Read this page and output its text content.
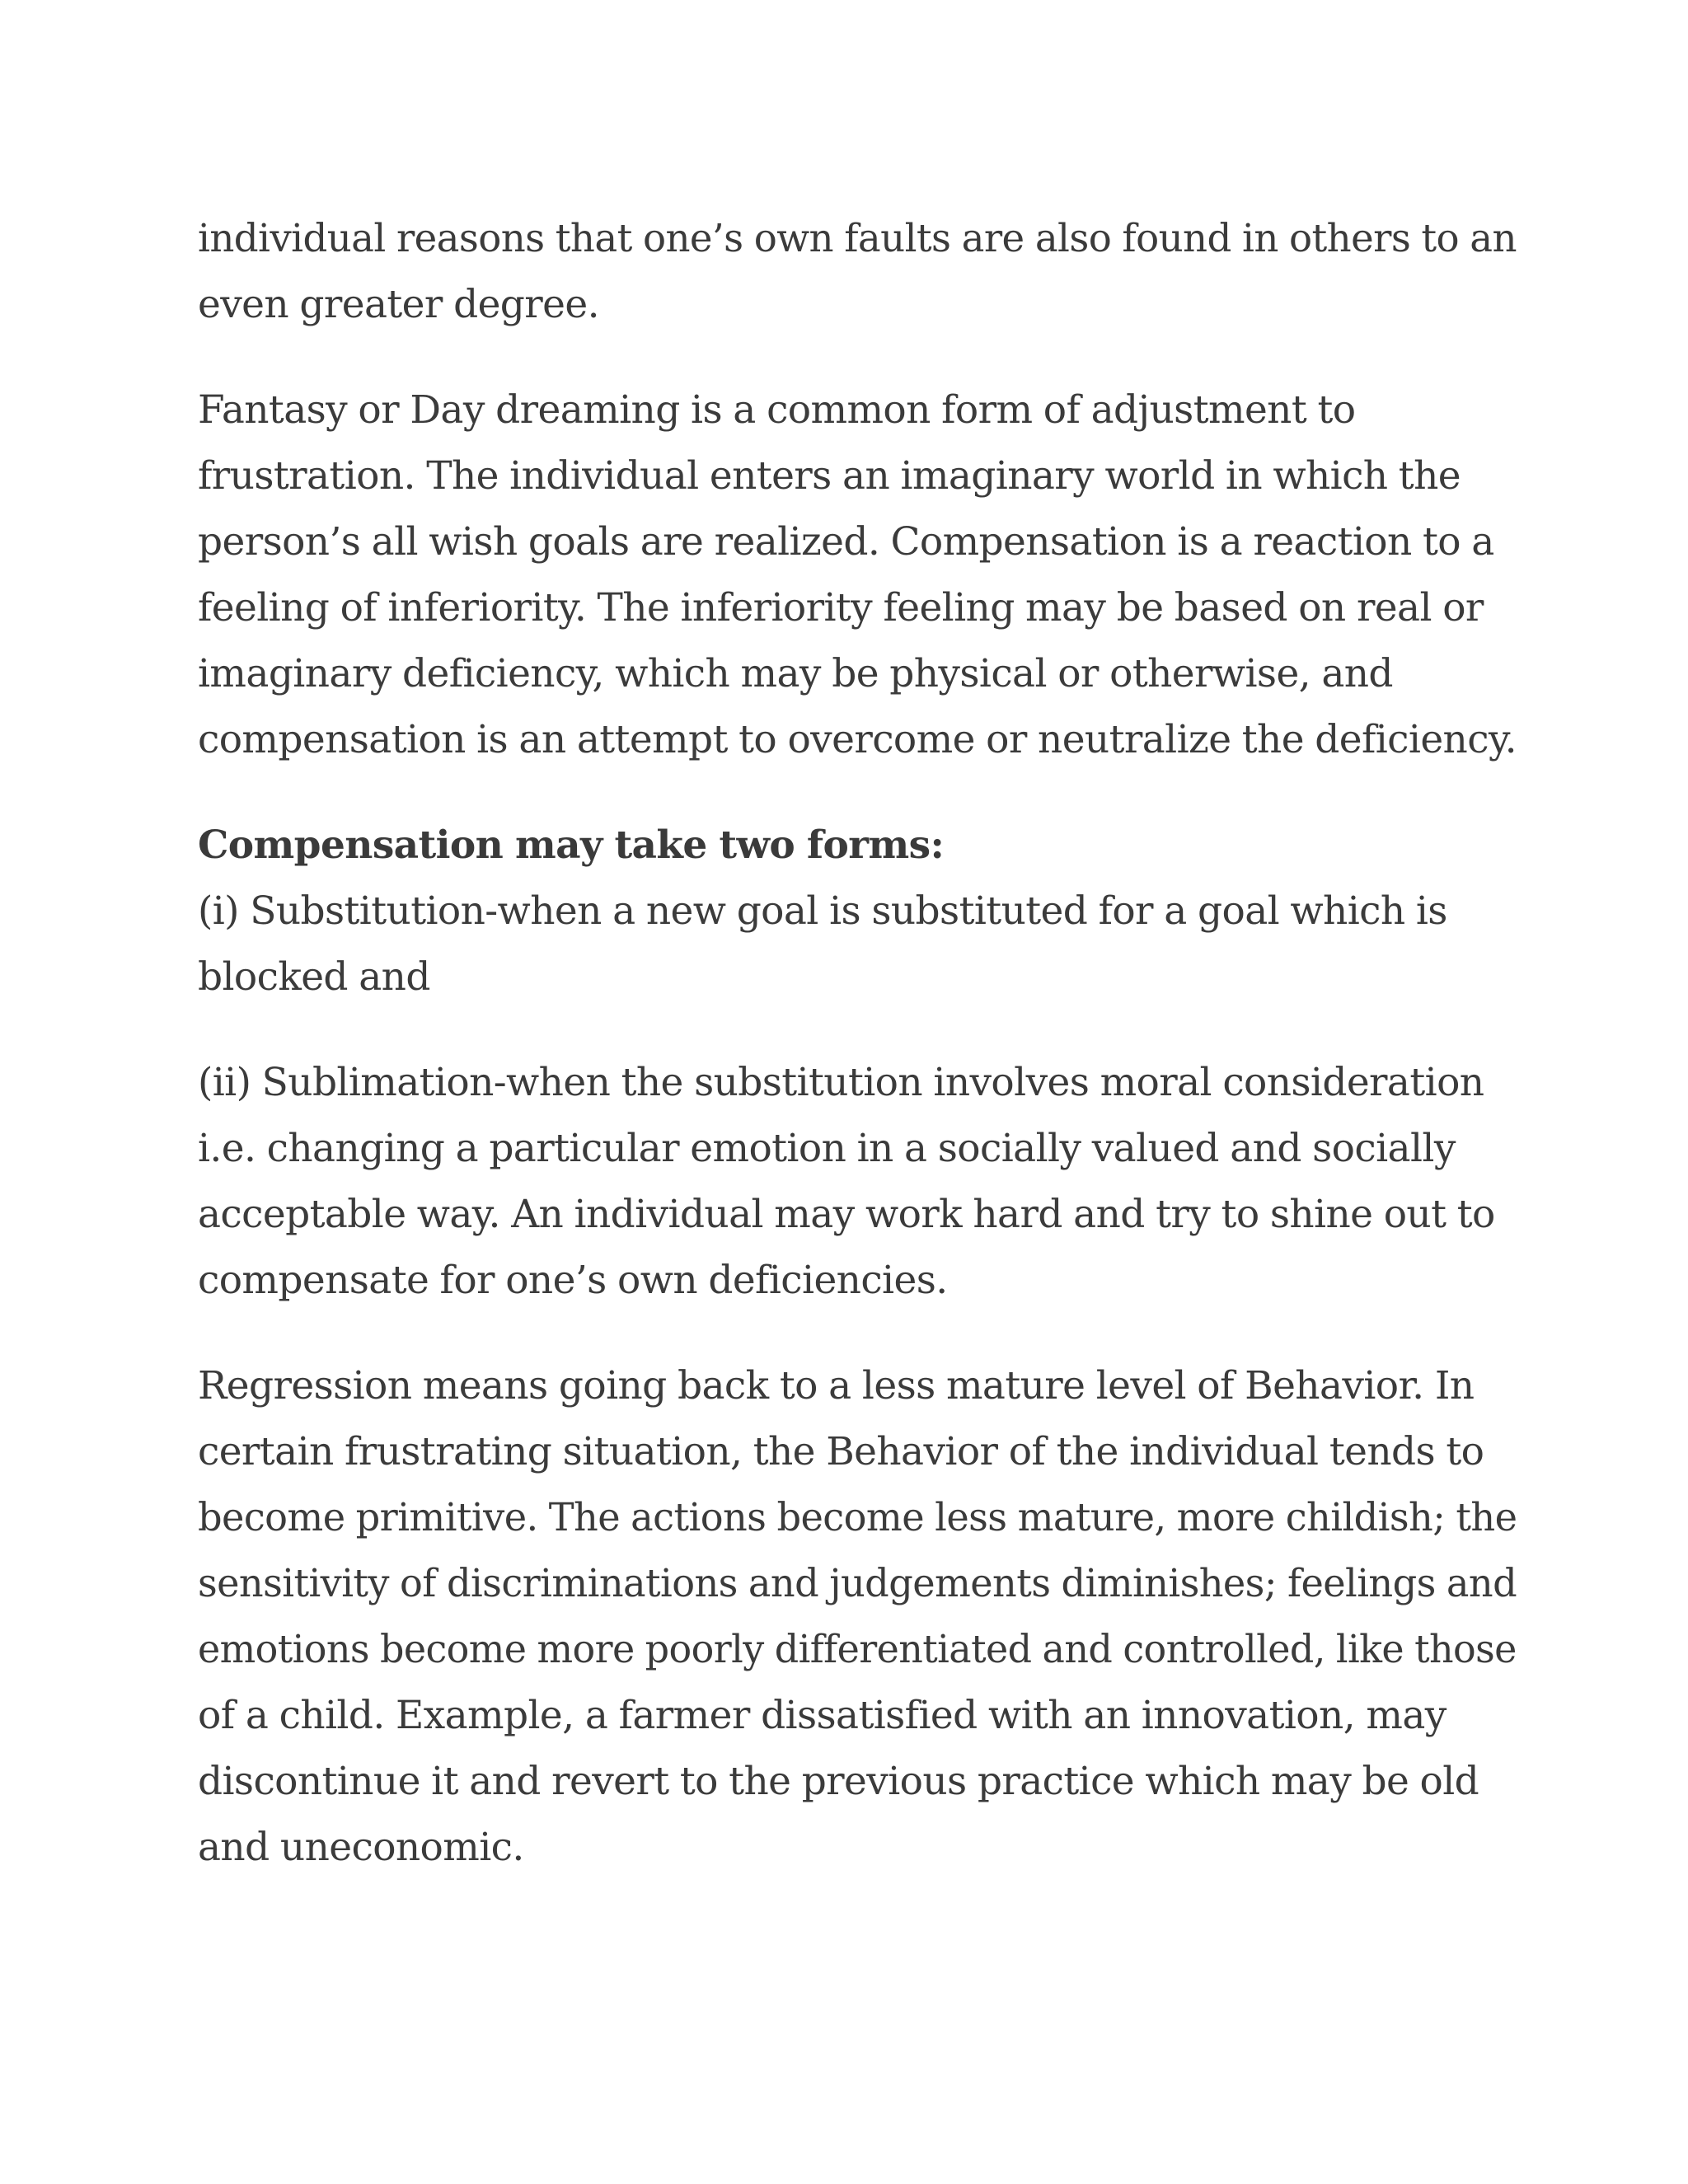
individual reasons that one’s own faults are also found in others to an
even greater degree.
Fantasy or Day dreaming is a common form of adjustment to
frustration. The individual enters an imaginary world in which the
person’s all wish goals are realized. Compensation is a reaction to a
feeling of inferiority. The inferiority feeling may be based on real or
imaginary deficiency, which may be physical or otherwise, and
compensation is an attempt to overcome or neutralize the deficiency.
Compensation may take two forms:
(i) Substitution-when a new goal is substituted for a goal which is
blocked and
(ii) Sublimation-when the substitution involves moral consideration
i.e. changing a particular emotion in a socially valued and socially
acceptable way. An individual may work hard and try to shine out to
compensate for one’s own deficiencies.
Regression means going back to a less mature level of Behavior. In
certain frustrating situation, the Behavior of the individual tends to
become primitive. The actions become less mature, more childish; the
sensitivity of discriminations and judgements diminishes; feelings and
emotions become more poorly differentiated and controlled, like those
of a child. Example, a farmer dissatisfied with an innovation, may
discontinue it and revert to the previous practice which may be old
and uneconomic.
